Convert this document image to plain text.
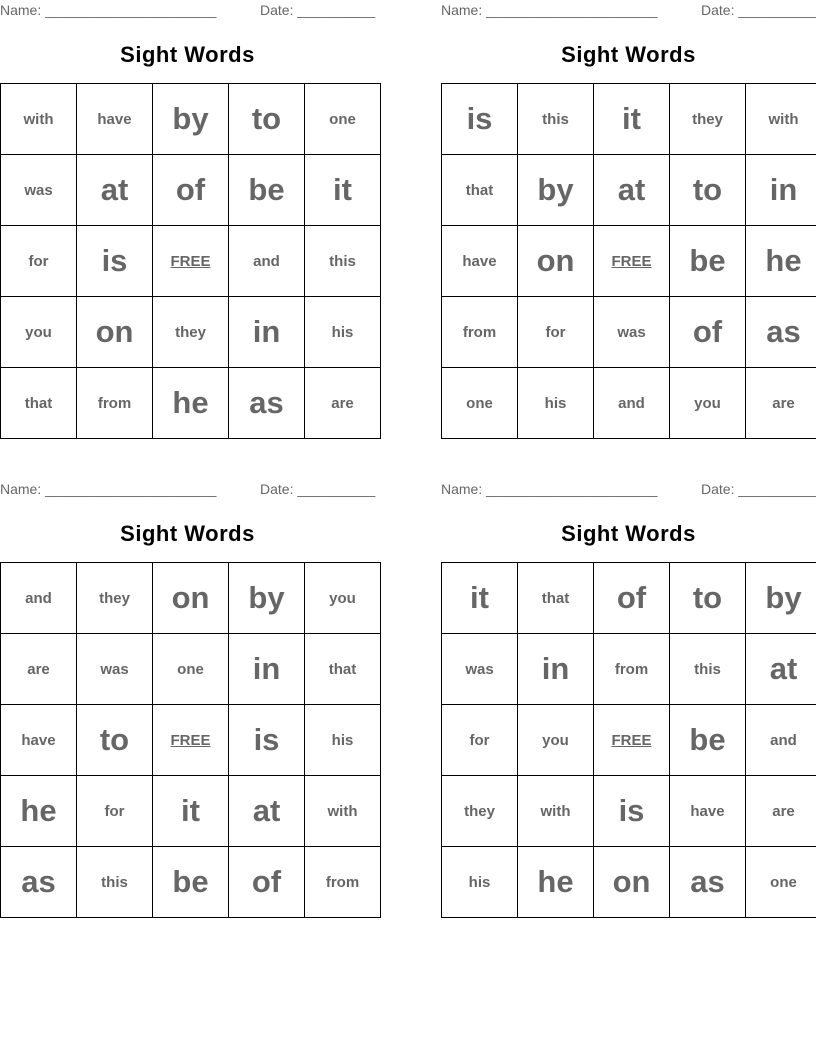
Name: ______________________	Date: __________
Sight Words
with	have	by	to	one
was	at	of	be	it
for	is	FREE	and	this
you	on	they	in	his
that	from	he	as	are
Name: ______________________	Date: __________
Sight Words
is	this	it	they	with
that	by	at	to	in
have	on	FREE	be	he
from	for	was	of	as
one	his	and	you	are
Name: ______________________	Date: __________
Sight Words
and	they	on	by	you
are	was	one	in	that
have	to	FREE	is	his
he	for	it	at	with
as	this	be	of	from
Name: ______________________	Date: __________
Sight Words
it	that	of	to	by
was	in	from	this	at
for	you	FREE	be	and
they	with	is	have	are
his	he	on	as	one
